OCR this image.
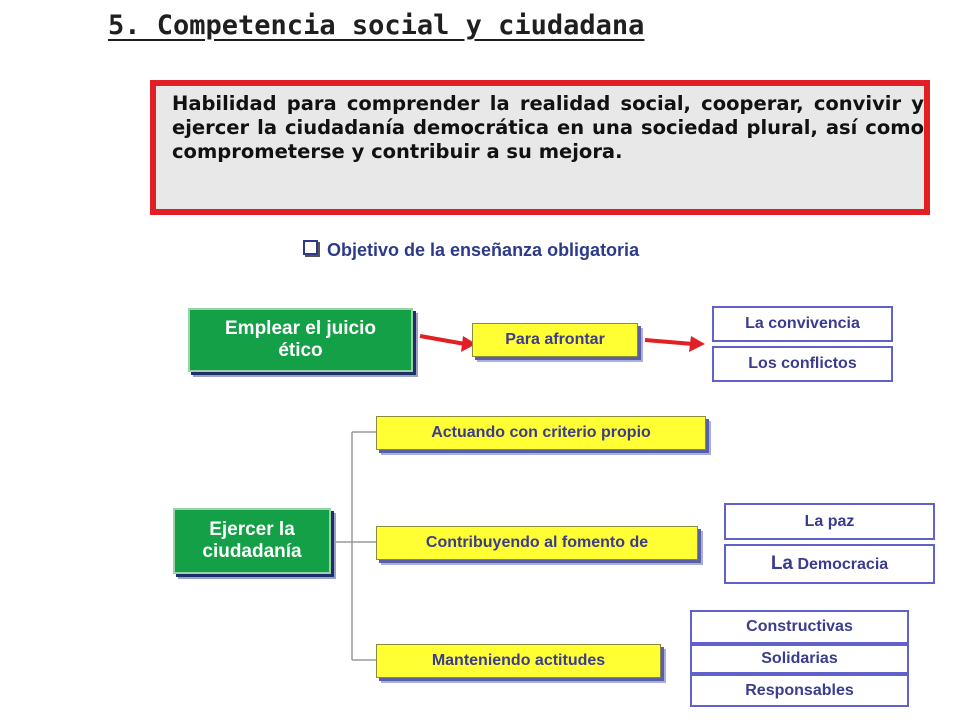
5. Competencia social y ciudadana
Habilidad para comprender la realidad social, cooperar, convivir y ejercer la ciudadanía democrática en una sociedad plural, así como
comprometerse y contribuir a su mejora.
Objetivo de la enseñanza obligatoria
Emplear el juicio ético
Para afrontar
La convivencia
Los conflictos
Ejercer la ciudadanía
Actuando con criterio propio
Contribuyendo al fomento de
Manteniendo actitudes
La paz
La Democracia
Constructivas
Solidarias
Responsables
